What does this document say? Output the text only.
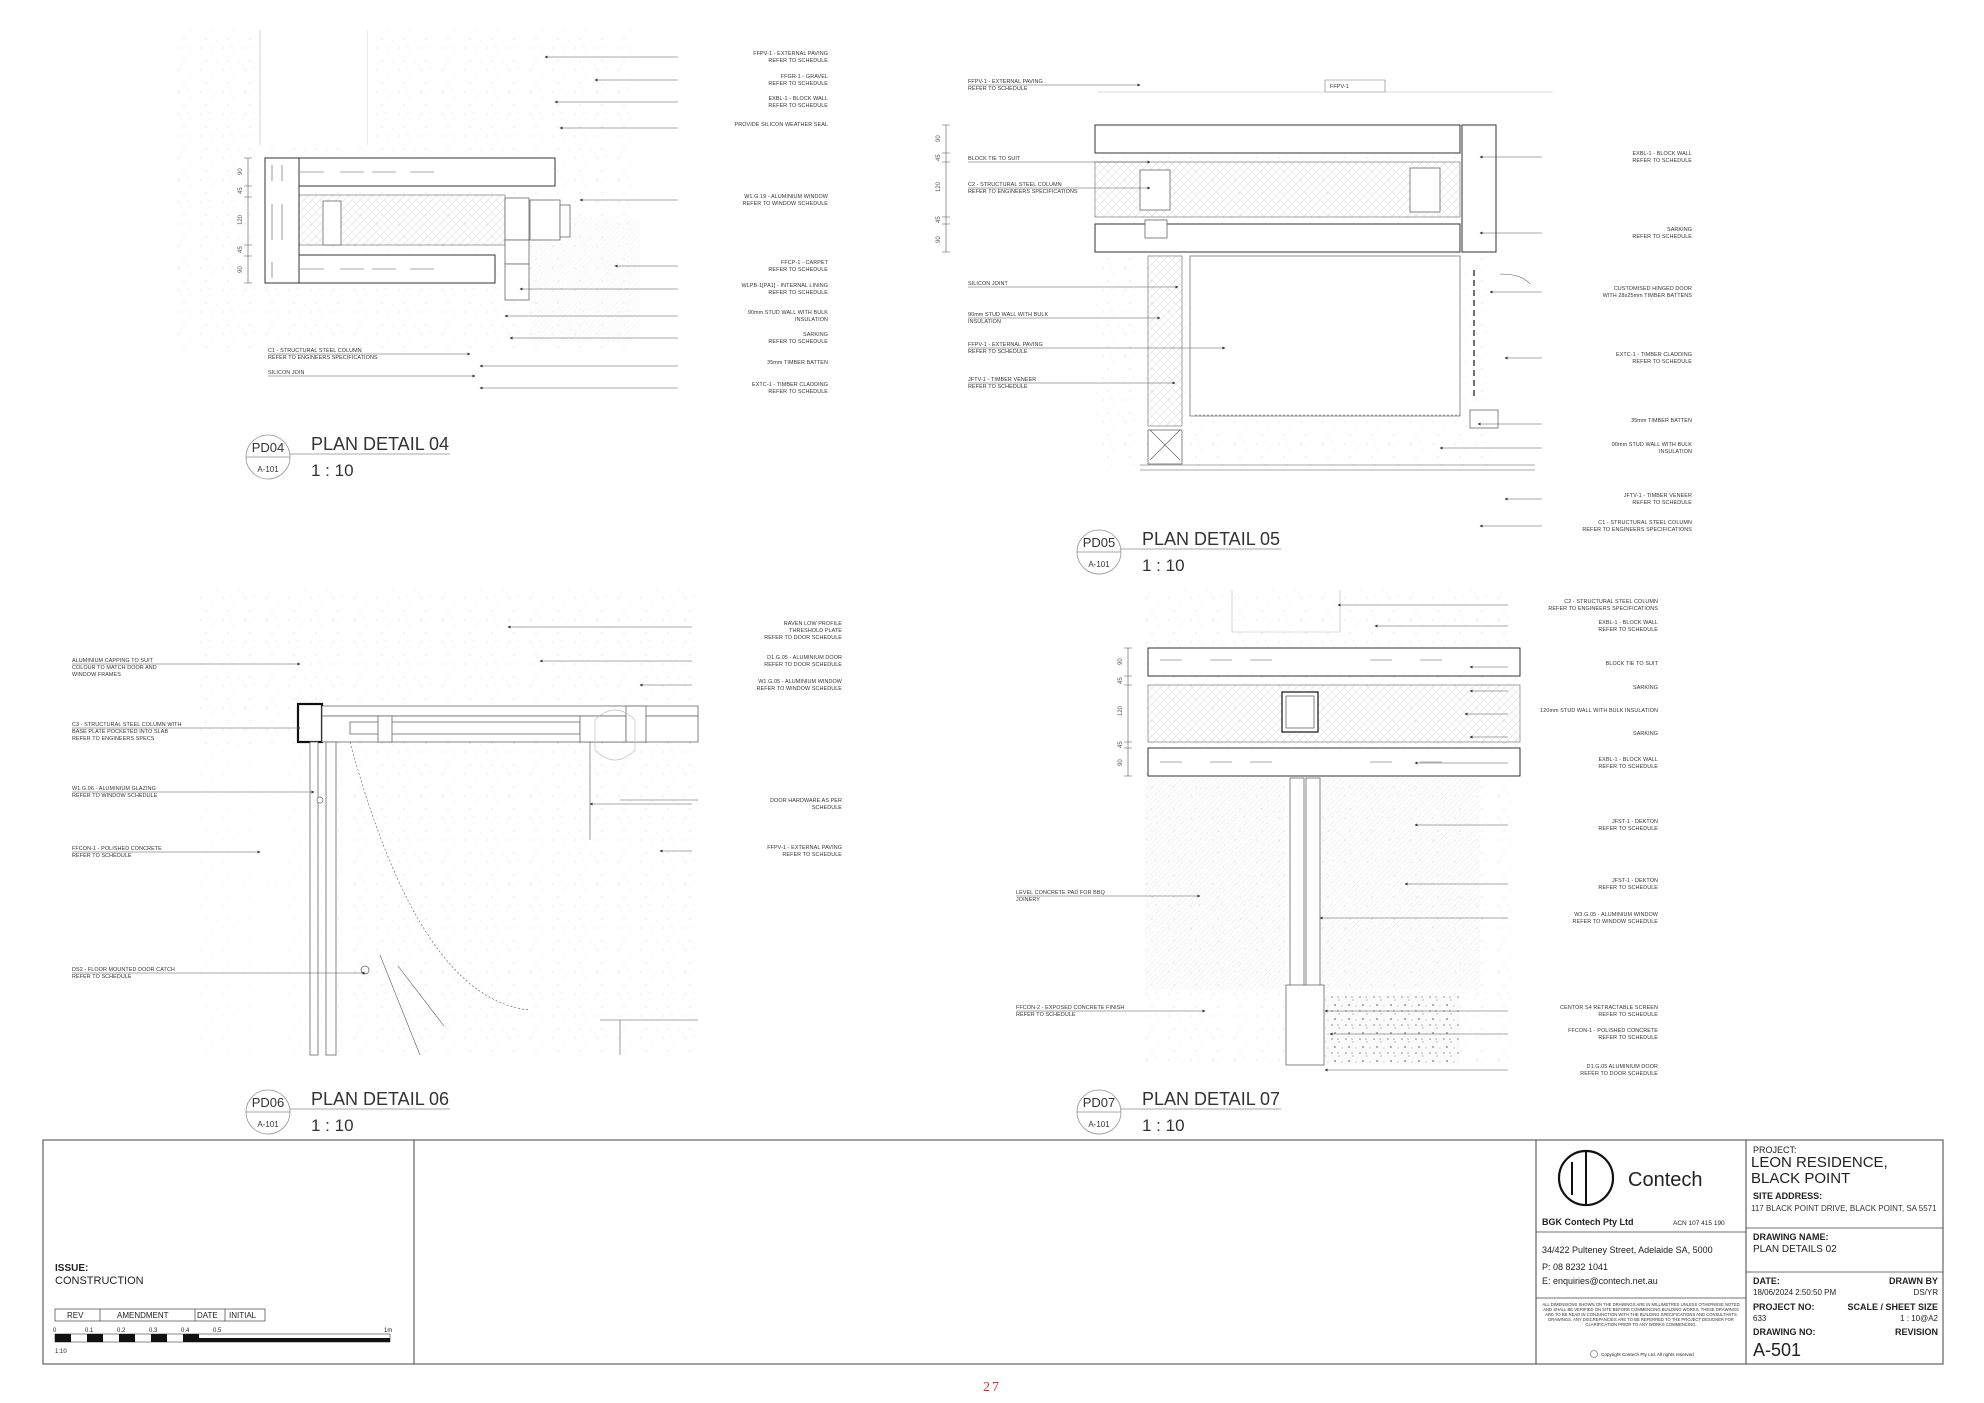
90
45
120
45
90
FFPV-1 - EXTERNAL PAVING REFER TO SCHEDULE
FFGR-1 - GRAVEL REFER TO SCHEDULE
EXBL-1 - BLOCK WALL REFER TO SCHEDULE
PROVIDE SILICON WEATHER SEAL
W1.G.19 - ALUMINIUM WINDOW REFER TO WINDOW SCHEDULE
FFCP-1 - CARPET REFER TO SCHEDULE
WLPB-1[PA1] - INTERNAL LINING REFER TO SCHEDULE
90mm STUD WALL WITH BULK INSULATION
SARKING REFER TO SCHEDULE
35mm TIMBER BATTEN
EXTC-1 - TIMBER CLADDING REFER TO SCHEDULE
C1 - STRUCTURAL STEEL COLUMN REFER TO ENGINEERS SPECIFICATIONS
SILICON JOIN
PD04
A-101
PLAN DETAIL 04
1 : 10
FFPV-1
90
45
120
45
90
EXBL-1 - BLOCK WALL REFER TO SCHEDULE
SARKING REFER TO SCHEDULE
CUSTOMISED HINGED DOOR WITH 28x25mm TIMBER BATTENS
EXTC-1 - TIMBER CLADDING REFER TO SCHEDULE
35mm TIMBER BATTEN
90mm STUD WALL WITH BULK INSULATION
JFTV-1 - TIMBER VENEER REFER TO SCHEDULE
C1 - STRUCTURAL STEEL COLUMN REFER TO ENGINEERS SPECIFICATIONS
FFPV-1 - EXTERNAL PAVING REFER TO SCHEDULE
BLOCK TIE TO SUIT
C2 - STRUCTURAL STEEL COLUMN REFER TO ENGINEERS SPECIFICATIONS
SILICON JOINT
90mm STUD WALL WITH BULK INSULATION
FFPV-1 - EXTERNAL PAVING REFER TO SCHEDULE
JFTV-1 - TIMBER VENEER REFER TO SCHEDULE
PD05
A-101
PLAN DETAIL 05
1 : 10
RAVEN LOW PROFILE THRESHOLD PLATE REFER TO DOOR SCHEDULE
D1.G.05 - ALUMINIUM DOOR REFER TO DOOR SCHEDULE
W1.G.05 - ALUMINIUM WINDOW REFER TO WINDOW SCHEDULE
DOOR HARDWARE AS PER SCHEDULE
FFPV-1 - EXTERNAL PAVING REFER TO SCHEDULE
ALUMINIUM CAPPING TO SUIT COLOUR TO MATCH DOOR AND WINDOW FRAMES
C3 - STRUCTURAL STEEL COLUMN WITH BASE PLATE POCKETED INTO SLAB REFER TO ENGINEERS SPECS
W1.G.06 - ALUMINIUM GLAZING REFER TO WINDOW SCHEDULE
FFCON-1 - POLISHED CONCRETE REFER TO SCHEDULE
DS2 - FLOOR MOUNTED DOOR CATCH REFER TO SCHEDULE
PD06
A-101
PLAN DETAIL 06
1 : 10
90
45
120
45
90
C2 - STRUCTURAL STEEL COLUMN REFER TO ENGINEERS SPECIFICATIONS
EXBL-1 - BLOCK WALL REFER TO SCHEDULE
BLOCK TIE TO SUIT
SARKING
120mm STUD WALL WITH BULK INSULATION
SARKING
EXBL-1 - BLOCK WALL REFER TO SCHEDULE
JFST-1 - DEKTON REFER TO SCHEDULE
JFST-1 - DEKTON REFER TO SCHEDULE
W3.G.05 - ALUMINIUM WINDOW REFER TO WINDOW SCHEDULE
CENTOR S4 RETRACTABLE SCREEN REFER TO SCHEDULE
FFCON-1 - POLISHED CONCRETE REFER TO SCHEDULE
D1.G.05 ALUMINIUM DOOR REFER TO DOOR SCHEDULE
LEVEL CONCRETE PAD FOR BBQ JOINERY
FFCON-2 - EXPOSED CONCRETE FINISH REFER TO SCHEDULE
PD07
A-101
PLAN DETAIL 07
1 : 10
ISSUE:
CONSTRUCTION
REV	AMENDMENT	DATE INITIAL
0	0.1	0.2	0.3	0.4	0.5	1m
1:10
Contech
BGK Contech Pty Ltd	ACN 107 415 190
34/422 Pulteney Street, Adelaide SA, 5000
P: 08 8232 1041
E: enquiries@contech.net.au
ALL DIMENSIONS SHOWN ON THE DRAWINGS ARE IN MILLIMETRES UNLESS OTHERWISE NOTED AND SHALL BE VERIFIED ON SITE BEFORE COMMENCING BUILDING WORKS. THESE DRAWINGS ARE TO BE READ IN CONJUNCTION WITH THE BUILDING SPECIFICATIONS AND CONSULTANTS DRAWINGS. ANY DISCREPANCIES ARE TO BE REFERRED TO THE PROJECT DESIGNER FOR CLARIFICATION PRIOR TO ANY WORKS COMMENCING.
Copyright Contech Pty Ltd. All rights reserved
PROJECT:
LEON RESIDENCE, BLACK POINT
SITE ADDRESS:
117 BLACK POINT DRIVE, BLACK POINT, SA 5571
DRAWING NAME:
PLAN DETAILS 02
DATE:
18/06/2024 2:50:50 PM
DRAWN BY
DS/YR
PROJECT NO:
633
SCALE / SHEET SIZE
1 : 10@A2
DRAWING NO:
A-501
REVISION
27
